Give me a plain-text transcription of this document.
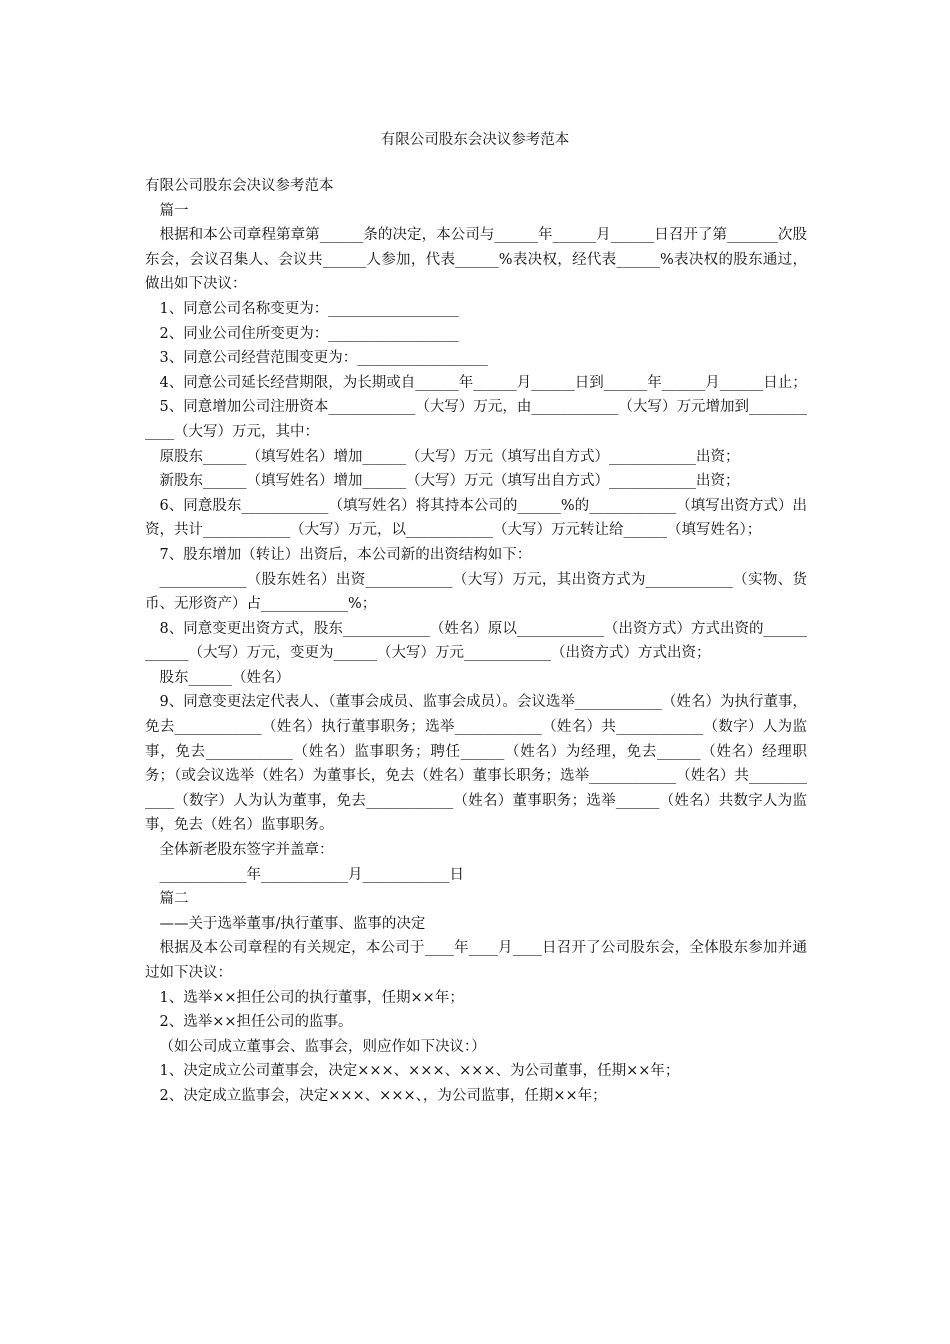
有限公司股东会决议参考范本

有限公司股东会决议参考范本

篇一

根据和本公司章程第章第______条的决定，本公司与______年______月______日召开了第_______次股东会，会议召集人、会议共______人参加，代表______%表决权，经代表______%表决权的股东通过，做出如下决议：

1、同意公司名称变更为：__________________

2、同业公司住所变更为：__________________

3、同意公司经营范围变更为：__________________

4、同意公司延长经营期限，为长期或自______年______月______日到______年______月______日止；

5、同意增加公司注册资本____________（大写）万元，由____________（大写）万元增加到____________（大写）万元，其中：

原股东______（填写姓名）增加______（大写）万元（填写出自方式）____________出资；

新股东______（填写姓名）增加______（大写）万元（填写出自方式）____________出资；

6、同意股东____________（填写姓名）将其持本公司的______%的____________（填写出资方式）出资，共计____________（大写）万元，以____________（大写）万元转让给______（填写姓名）；

7、股东增加（转让）出资后，本公司新的出资结构如下：

____________（股东姓名）出资____________（大写）万元，其出资方式为____________（实物、货币、无形资产）占____________%；

8、同意变更出资方式，股东____________（姓名）原以____________（出资方式）方式出资的____________（大写）万元，变更为______（大写）万元____________（出资方式）方式出资；

股东______（姓名）

9、同意变更法定代表人、（董事会成员、监事会成员）。会议选举____________（姓名）为执行董事，免去____________（姓名）执行董事职务；选举____________（姓名）共____________（数字）人为监事，免去____________（姓名）监事职务；聘任______（姓名）为经理，免去______（姓名）经理职务；（或会议选举（姓名）为董事长，免去（姓名）董事长职务；选举____________（姓名）共____________（数字）人为认为董事，免去____________（姓名）董事职务；选举______（姓名）共数字人为监事，免去（姓名）监事职务。

全体新老股东签字并盖章：

____________年____________月____________日

篇二

——关于选举董事/执行董事、监事的决定

根据及本公司章程的有关规定，本公司于____年____月____日召开了公司股东会，全体股东参加并通过如下决议：

1、选举××担任公司的执行董事，任期××年；

2、选举××担任公司的监事。

（如公司成立董事会、监事会，则应作如下决议：）

1、决定成立公司董事会，决定×××、×××、×××、为公司董事，任期××年；

2、决定成立监事会，决定×××、×××、，为公司监事，任期××年；
